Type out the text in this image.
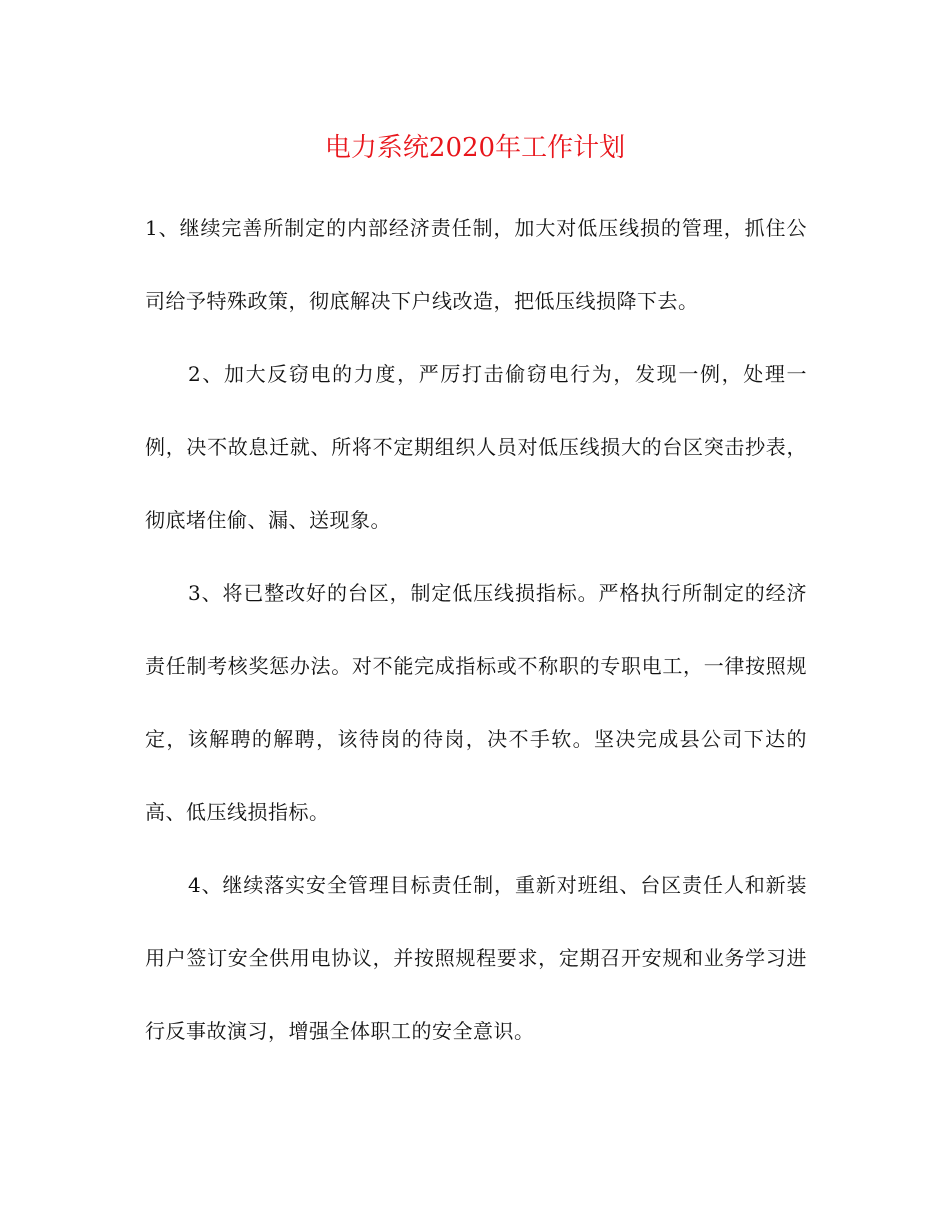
电力系统2020年工作计划

1、继续完善所制定的内部经济责任制，加大对低压线损的管理，抓住公司给予特殊政策，彻底解决下户线改造，把低压线损降下去。

2、加大反窃电的力度，严厉打击偷窃电行为，发现一例，处理一例，决不故息迁就、所将不定期组织人员对低压线损大的台区突击抄表，彻底堵住偷、漏、送现象。

3、将已整改好的台区，制定低压线损指标。严格执行所制定的经济责任制考核奖惩办法。对不能完成指标或不称职的专职电工，一律按照规定，该解聘的解聘，该待岗的待岗，决不手软。坚决完成县公司下达的高、低压线损指标。

4、继续落实安全管理目标责任制，重新对班组、台区责任人和新装用户签订安全供用电协议，并按照规程要求，定期召开安规和业务学习进行反事故演习，增强全体职工的安全意识。
